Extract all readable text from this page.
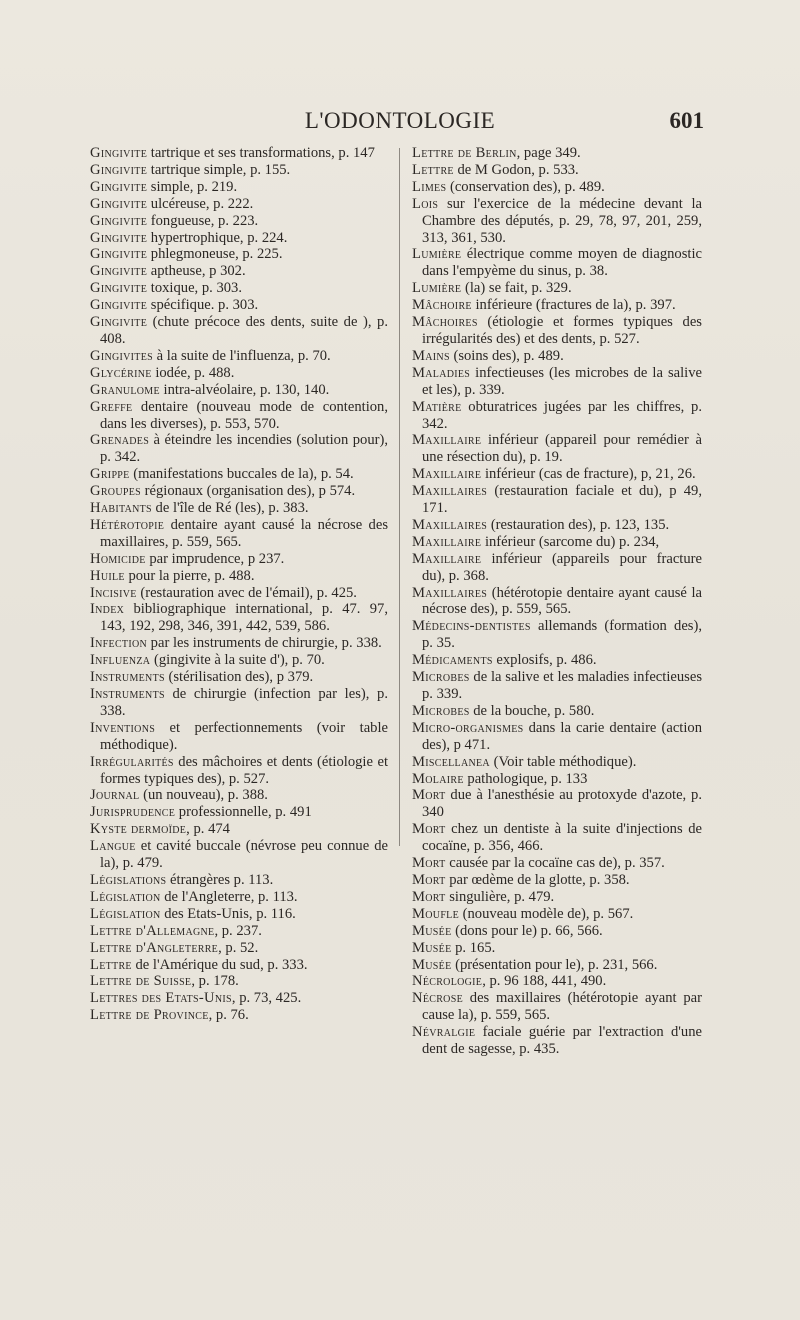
L'ODONTOLOGIE	601

Gingivite tartrique et ses transformations, p. 147

Gingivite tartrique simple, p. 155.

Gingivite simple, p. 219.

Gingivite ulcéreuse, p. 222.

Gingivite fongueuse, p. 223.

Gingivite hypertrophique, p. 224.

Gingivite phlegmoneuse, p. 225.

Gingivite aptheuse, p 302.

Gingivite toxique, p. 303.

Gingivite spécifique. p. 303.

Gingivite (chute précoce des dents, suite de ), p. 408.

Gingivites à la suite de l'influenza, p. 70.

Glycérine iodée, p. 488.

Granulome intra-alvéolaire, p. 130, 140.

Greffe dentaire (nouveau mode de contention, dans les diverses), p. 553, 570.

Grenades à éteindre les incendies (solution pour), p. 342.

Grippe (manifestations buccales de la), p. 54.

Groupes régionaux (organisation des), p 574.

Habitants de l'île de Ré (les), p. 383.

Hétérotopie dentaire ayant causé la nécrose des maxillaires, p. 559, 565.

Homicide par imprudence, p 237.

Huile pour la pierre, p. 488.

Incisive (restauration avec de l'émail), p. 425.

Index bibliographique international, p. 47. 97, 143, 192, 298, 346, 391, 442, 539, 586.

Infection par les instruments de chirurgie, p. 338.

Influenza (gingivite à la suite d'), p. 70.

Instruments (stérilisation des), p 379.

Instruments de chirurgie (infection par les), p. 338.

Inventions et perfectionnements (voir table méthodique).

Irrégularités des mâchoires et dents (étiologie et formes typiques des), p. 527.

Journal (un nouveau), p. 388.

Jurisprudence professionnelle, p. 491

Kyste dermoïde, p. 474

Langue et cavité buccale (névrose peu connue de la), p. 479.

Législations étrangères p. 113.

Législation de l'Angleterre, p. 113.

Législation des Etats-Unis, p. 116.

Lettre d'Allemagne, p. 237.

Lettre d'Angleterre, p. 52.

Lettre de l'Amérique du sud, p. 333.

Lettre de Suisse, p. 178.

Lettres des Etats-Unis, p. 73, 425.

Lettre de Province, p. 76.

Lettre de Berlin, page 349.

Lettre de M Godon, p. 533.

Limes (conservation des), p. 489.

Lois sur l'exercice de la médecine devant la Chambre des députés, p. 29, 78, 97, 201, 259, 313, 361, 530.

Lumière électrique comme moyen de diagnostic dans l'empyème du sinus, p. 38.

Lumière (la) se fait, p. 329.

Mâchoire inférieure (fractures de la), p. 397.

Mâchoires (étiologie et formes typiques des irrégularités des) et des dents, p. 527.

Mains (soins des), p. 489.

Maladies infectieuses (les microbes de la salive et les), p. 339.

Matière obturatrices jugées par les chiffres, p. 342.

Maxillaire inférieur (appareil pour remédier à une résection du), p. 19.

Maxillaire inférieur (cas de fracture), p, 21, 26.

Maxillaires (restauration faciale et du), p 49, 171.

Maxillaires (restauration des), p. 123, 135.

Maxillaire inférieur (sarcome du) p. 234,

Maxillaire inférieur (appareils pour fracture du), p. 368.

Maxillaires (hétérotopie dentaire ayant causé la nécrose des), p. 559, 565.

Médecins-dentistes allemands (formation des), p. 35.

Médicaments explosifs, p. 486.

Microbes de la salive et les maladies infectieuses p. 339.

Microbes de la bouche, p. 580.

Micro-organismes dans la carie dentaire (action des), p 471.

Miscellanea (Voir table méthodique).

Molaire pathologique, p. 133

Mort due à l'anesthésie au protoxyde d'azote, p. 340

Mort chez un dentiste à la suite d'injections de cocaïne, p. 356, 466.

Mort causée par la cocaïne cas de), p. 357.

Mort par œdème de la glotte, p. 358.

Mort singulière, p. 479.

Moufle (nouveau modèle de), p. 567.

Musée (dons pour le) p. 66, 566.

Musée p. 165.

Musée (présentation pour le), p. 231, 566.

Nécrologie, p. 96 188, 441, 490.

Nécrose des maxillaires (hétérotopie ayant par cause la), p. 559, 565.

Névralgie faciale guérie par l'extraction d'une dent de sagesse, p. 435.
